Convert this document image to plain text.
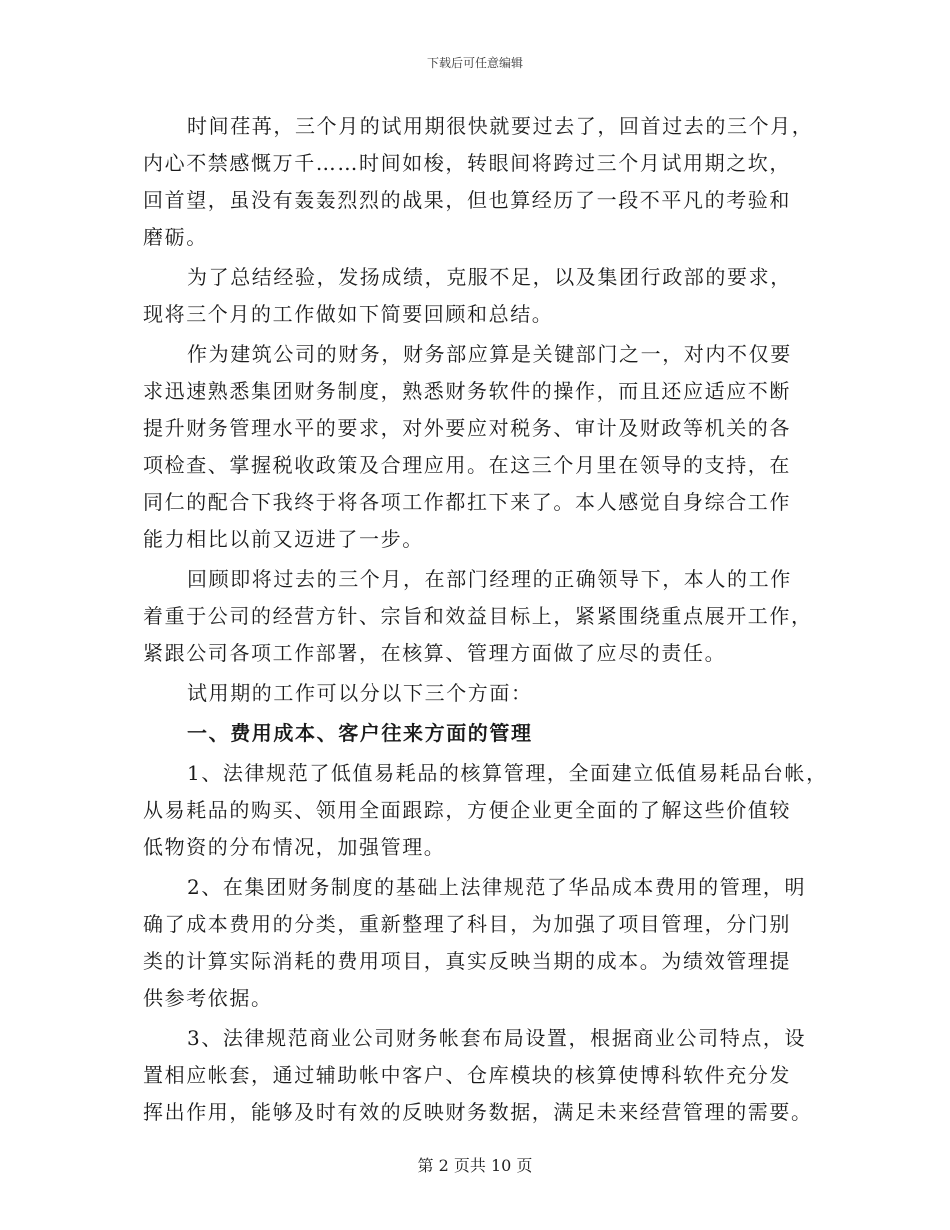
下载后可任意编辑
时间荏苒，三个月的试用期很快就要过去了，回首过去的三个月，
内心不禁感慨万千……时间如梭，转眼间将跨过三个月试用期之坎，
回首望，虽没有轰轰烈烈的战果，但也算经历了一段不平凡的考验和
磨砺。
为了总结经验，发扬成绩，克服不足，以及集团行政部的要求，
现将三个月的工作做如下简要回顾和总结。
作为建筑公司的财务，财务部应算是关键部门之一，对内不仅要
求迅速熟悉集团财务制度，熟悉财务软件的操作，而且还应适应不断
提升财务管理水平的要求，对外要应对税务、审计及财政等机关的各
项检查、掌握税收政策及合理应用。在这三个月里在领导的支持，在
同仁的配合下我终于将各项工作都扛下来了。本人感觉自身综合工作
能力相比以前又迈进了一步。
回顾即将过去的三个月，在部门经理的正确领导下，本人的工作
着重于公司的经营方针、宗旨和效益目标上，紧紧围绕重点展开工作，
紧跟公司各项工作部署，在核算、管理方面做了应尽的责任。
试用期的工作可以分以下三个方面：
一、费用成本、客户往来方面的管理
1、法律规范了低值易耗品的核算管理，全面建立低值易耗品台帐，
从易耗品的购买、领用全面跟踪，方便企业更全面的了解这些价值较
低物资的分布情况，加强管理。
2、在集团财务制度的基础上法律规范了华品成本费用的管理，明
确了成本费用的分类，重新整理了科目，为加强了项目管理，分门别
类的计算实际消耗的费用项目，真实反映当期的成本。为绩效管理提
供参考依据。
3、法律规范商业公司财务帐套布局设置，根据商业公司特点，设
置相应帐套，通过辅助帐中客户、仓库模块的核算使博科软件充分发
挥出作用，能够及时有效的反映财务数据，满足未来经营管理的需要。
第 2 页共 10 页
